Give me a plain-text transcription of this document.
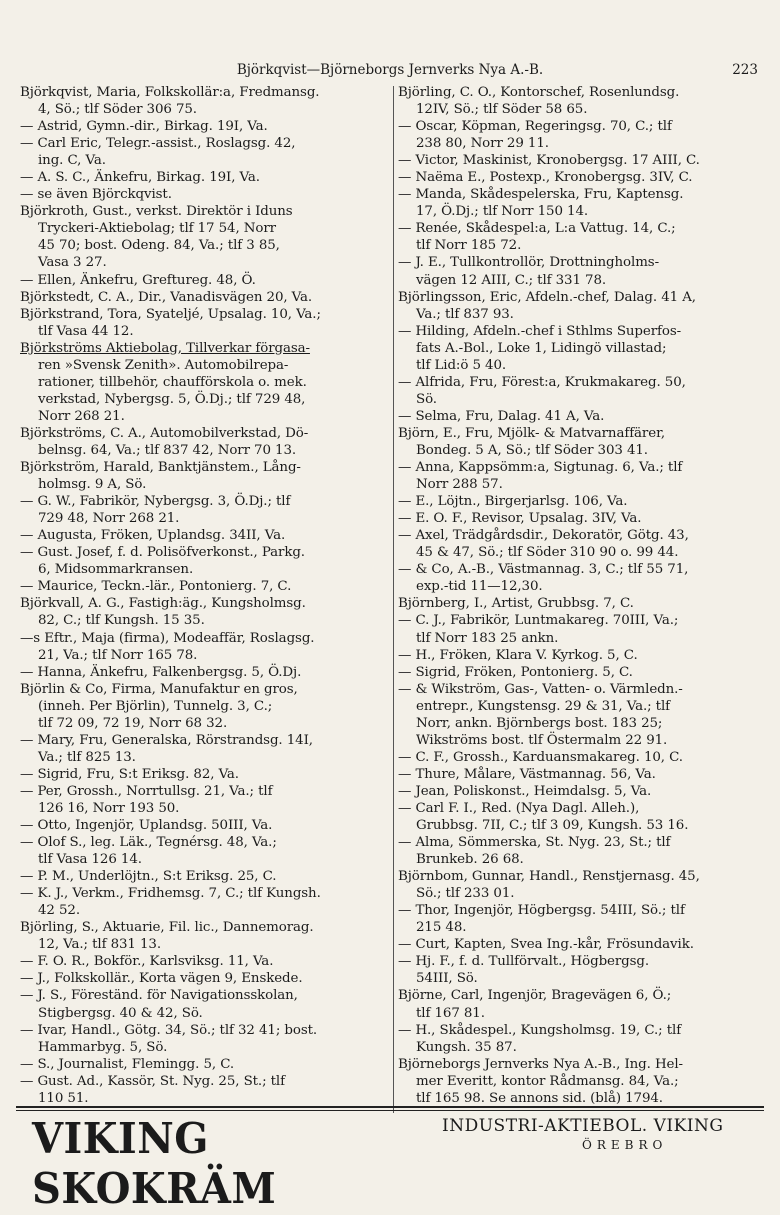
Björkqvist—Björneborgs Jernverks Nya A.-B.	223
Björkqvist, Maria, Folkskollär:a, Fredmansg.
4, Sö.; tlf Söder 306 75.
— Astrid, Gymn.-dir., Birkag. 19I, Va.
— Carl Eric, Telegr.-assist., Roslagsg. 42,
ing. C, Va.
— A. S. C., Änkefru, Birkag. 19I, Va.
— se även Björckqvist.
Björkroth, Gust., verkst. Direktör i Iduns
Tryckeri-Aktiebolag; tlf 17 54, Norr
45 70; bost. Odeng. 84, Va.; tlf 3 85,
Vasa 3 27.
— Ellen, Änkefru, Greftureg. 48, Ö.
Björkstedt, C. A., Dir., Vanadisvägen 20, Va.
Björkstrand, Tora, Syateljé, Upsalag. 10, Va.;
tlf Vasa 44 12.
Björkströms Aktiebolag, Tillverkar förgasa-
ren »Svensk Zenith». Automobilrepa-
rationer, tillbehör, chaufförskola o. mek.
verkstad, Nybergsg. 5, Ö.Dj.; tlf 729 48,
Norr 268 21.
Björkströms, C. A., Automobilverkstad, Dö-
belnsg. 64, Va.; tlf 837 42, Norr 70 13.
Björkström, Harald, Banktjänstem., Lång-
holmsg. 9 A, Sö.
— G. W., Fabrikör, Nybergsg. 3, Ö.Dj.; tlf
729 48, Norr 268 21.
— Augusta, Fröken, Uplandsg. 34II, Va.
— Gust. Josef, f. d. Polisöfverkonst., Parkg.
6, Midsommarkransen.
— Maurice, Teckn.-lär., Pontonierg. 7, C.
Björkvall, A. G., Fastigh:äg., Kungsholmsg.
82, C.; tlf Kungsh. 15 35.
—s Eftr., Maja (firma), Modeaffär, Roslagsg.
21, Va.; tlf Norr 165 78.
— Hanna, Änkefru, Falkenbergsg. 5, Ö.Dj.
Björlin & Co, Firma, Manufaktur en gros,
(inneh. Per Björlin), Tunnelg. 3, C.;
tlf 72 09, 72 19, Norr 68 32.
— Mary, Fru, Generalska, Rörstrandsg. 14I,
Va.; tlf 825 13.
— Sigrid, Fru, S:t Eriksg. 82, Va.
— Per, Grossh., Norrtullsg. 21, Va.; tlf
126 16, Norr 193 50.
— Otto, Ingenjör, Uplandsg. 50III, Va.
— Olof S., leg. Läk., Tegnérsg. 48, Va.;
tlf Vasa 126 14.
— P. M., Underlöjtn., S:t Eriksg. 25, C.
— K. J., Verkm., Fridhemsg. 7, C.; tlf Kungsh.
42 52.
Björling, S., Aktuarie, Fil. lic., Dannemorag.
12, Va.; tlf 831 13.
— F. O. R., Bokför., Karlsviksg. 11, Va.
— J., Folkskollär., Korta vägen 9, Enskede.
— J. S., Föreständ. för Navigationsskolan,
Stigbergsg. 40 & 42, Sö.
— Ivar, Handl., Götg. 34, Sö.; tlf 32 41; bost.
Hammarbyg. 5, Sö.
— S., Journalist, Flemingg. 5, C.
— Gust. Ad., Kassör, St. Nyg. 25, St.; tlf
110 51.
Björling, C. O., Kontorschef, Rosenlundsg.
12IV, Sö.; tlf Söder 58 65.
— Oscar, Köpman, Regeringsg. 70, C.; tlf
238 80, Norr 29 11.
— Victor, Maskinist, Kronobergsg. 17 AIII, C.
— Naëma E., Postexp., Kronobergsg. 3IV, C.
— Manda, Skådespelerska, Fru, Kaptensg.
17, Ö.Dj.; tlf Norr 150 14.
— Renée, Skådespel:a, L:a Vattug. 14, C.;
tlf Norr 185 72.
— J. E., Tullkontrollör, Drottningholms-
vägen 12 AIII, C.; tlf 331 78.
Björlingsson, Eric, Afdeln.-chef, Dalag. 41 A,
Va.; tlf 837 93.
— Hilding, Afdeln.-chef i Sthlms Superfos-
fats A.-Bol., Loke 1, Lidingö villastad;
tlf Lid:ö 5 40.
— Alfrida, Fru, Förest:a, Krukmakareg. 50,
Sö.
— Selma, Fru, Dalag. 41 A, Va.
Björn, E., Fru, Mjölk- & Matvarnaffärer,
Bondeg. 5 A, Sö.; tlf Söder 303 41.
— Anna, Kappsömm:a, Sigtunag. 6, Va.; tlf
Norr 288 57.
— E., Löjtn., Birgerjarlsg. 106, Va.
— E. O. F., Revisor, Upsalag. 3IV, Va.
— Axel, Trädgårdsdir., Dekoratör, Götg. 43,
45 & 47, Sö.; tlf Söder 310 90 o. 99 44.
— & Co, A.-B., Västmannag. 3, C.; tlf 55 71,
exp.-tid 11—12,30.
Björnberg, I., Artist, Grubbsg. 7, C.
— C. J., Fabrikör, Luntmakareg. 70III, Va.;
tlf Norr 183 25 ankn.
— H., Fröken, Klara V. Kyrkog. 5, C.
— Sigrid, Fröken, Pontonierg. 5, C.
— & Wikström, Gas-, Vatten- o. Värmledn.-
entrepr., Kungstensg. 29 & 31, Va.; tlf
Norr, ankn. Björnbergs bost. 183 25;
Wikströms bost. tlf Östermalm 22 91.
— C. F., Grossh., Karduansmakareg. 10, C.
— Thure, Målare, Västmannag. 56, Va.
— Jean, Poliskonst., Heimdalsg. 5, Va.
— Carl F. I., Red. (Nya Dagl. Alleh.),
Grubbsg. 7II, C.; tlf 3 09, Kungsh. 53 16.
— Alma, Sömmerska, St. Nyg. 23, St.; tlf
Brunkeb. 26 68.
Björnbom, Gunnar, Handl., Renstjernasg. 45,
Sö.; tlf 233 01.
— Thor, Ingenjör, Högbergsg. 54III, Sö.; tlf
215 48.
— Curt, Kapten, Svea Ing.-kår, Frösundavik.
— Hj. F., f. d. Tullförvalt., Högbergsg.
54III, Sö.
Björne, Carl, Ingenjör, Bragevägen 6, Ö.;
tlf 167 81.
— H., Skådespel., Kungsholmsg. 19, C.; tlf
Kungsh. 35 87.
Björneborgs Jernverks Nya A.-B., Ing. Hel-
mer Everitt, kontor Rådmansg. 84, Va.;
tlf 165 98. Se annons sid. (blå) 1794.
VIKING SKOKRÄM
INDUSTRI-AKTIEBOL. VIKING
ÖREBRO
